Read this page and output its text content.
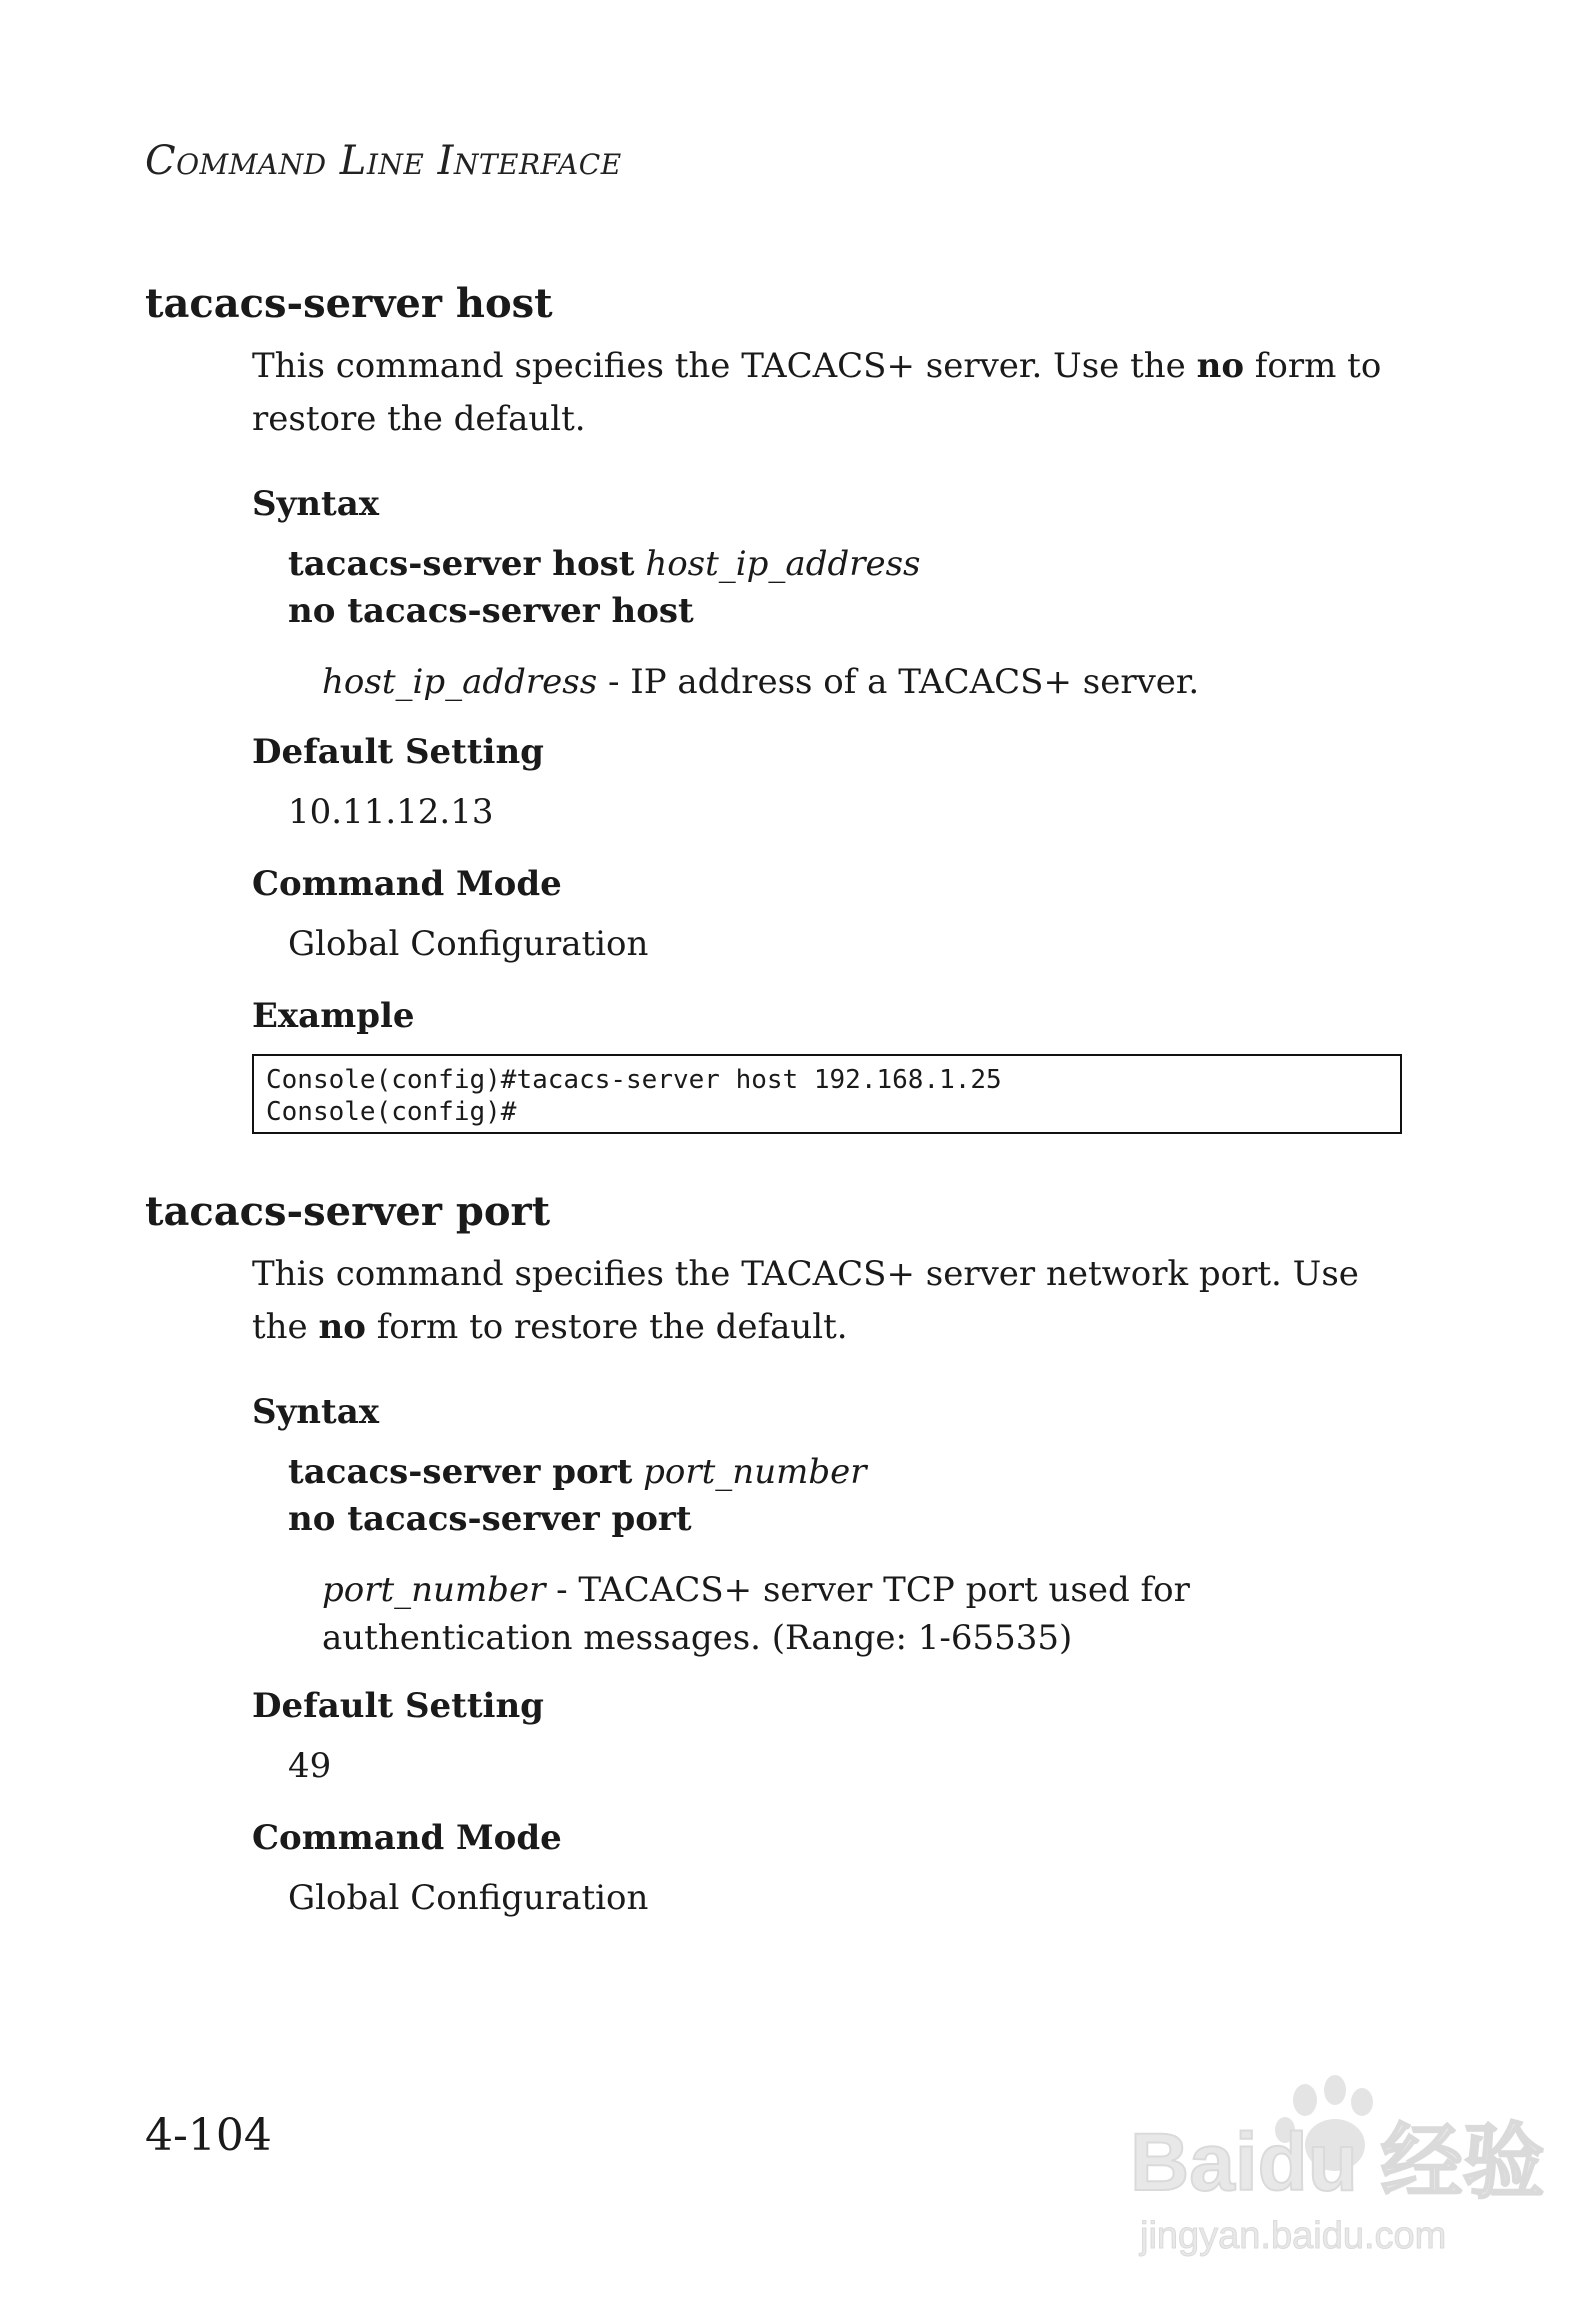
Command Line Interface
tacacs-server host
This command specifies the TACACS+ server. Use the no form to restore the default.
Syntax
tacacs-server host host_ip_address
no tacacs-server host
host_ip_address - IP address of a TACACS+ server.
Default Setting
10.11.12.13
Command Mode
Global Configuration
Example
Console(config)#tacacs-server host 192.168.1.25
Console(config)#
tacacs-server port
This command specifies the TACACS+ server network port. Use the no form to restore the default.
Syntax
tacacs-server port port_number
no tacacs-server port
port_number - TACACS+ server TCP port used for authentication messages. (Range: 1-65535)
Default Setting
49
Command Mode
Global Configuration
4-104	Baidu 经验
jingyan.baidu.com
